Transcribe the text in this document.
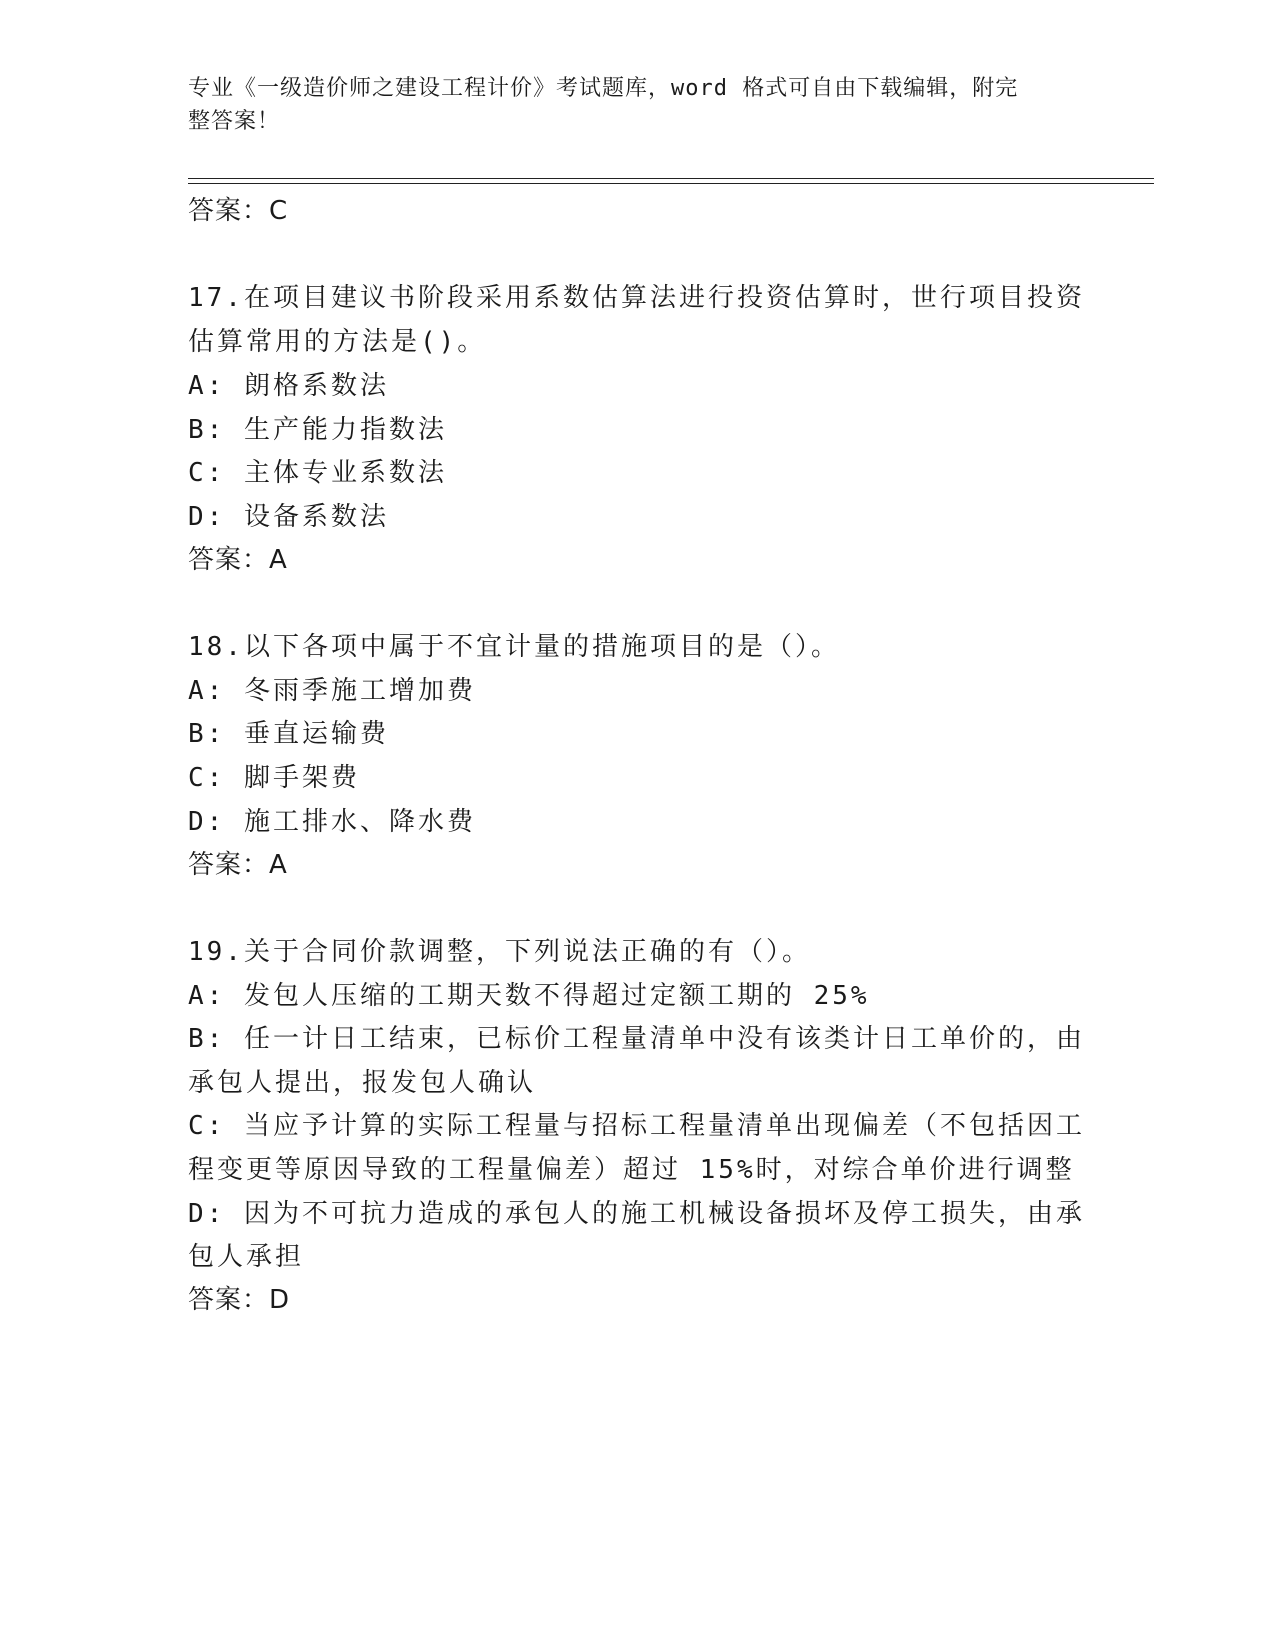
专业《一级造价师之建设工程计价》考试题库，word 格式可自由下载编辑，附完
整答案！
答案：C
17.在项目建议书阶段采用系数估算法进行投资估算时，世行项目投资
估算常用的方法是()。
A: 朗格系数法
B: 生产能力指数法
C: 主体专业系数法
D: 设备系数法
答案：A
18.以下各项中属于不宜计量的措施项目的是（）。
A: 冬雨季施工增加费
B: 垂直运输费
C: 脚手架费
D: 施工排水、降水费
答案：A
19.关于合同价款调整，下列说法正确的有（）。
A: 发包人压缩的工期天数不得超过定额工期的 25%
B: 任一计日工结束，已标价工程量清单中没有该类计日工单价的，由
承包人提出，报发包人确认
C: 当应予计算的实际工程量与招标工程量清单出现偏差（不包括因工
程变更等原因导致的工程量偏差）超过 15%时，对综合单价进行调整
D: 因为不可抗力造成的承包人的施工机械设备损坏及停工损失，由承
包人承担
答案：D
